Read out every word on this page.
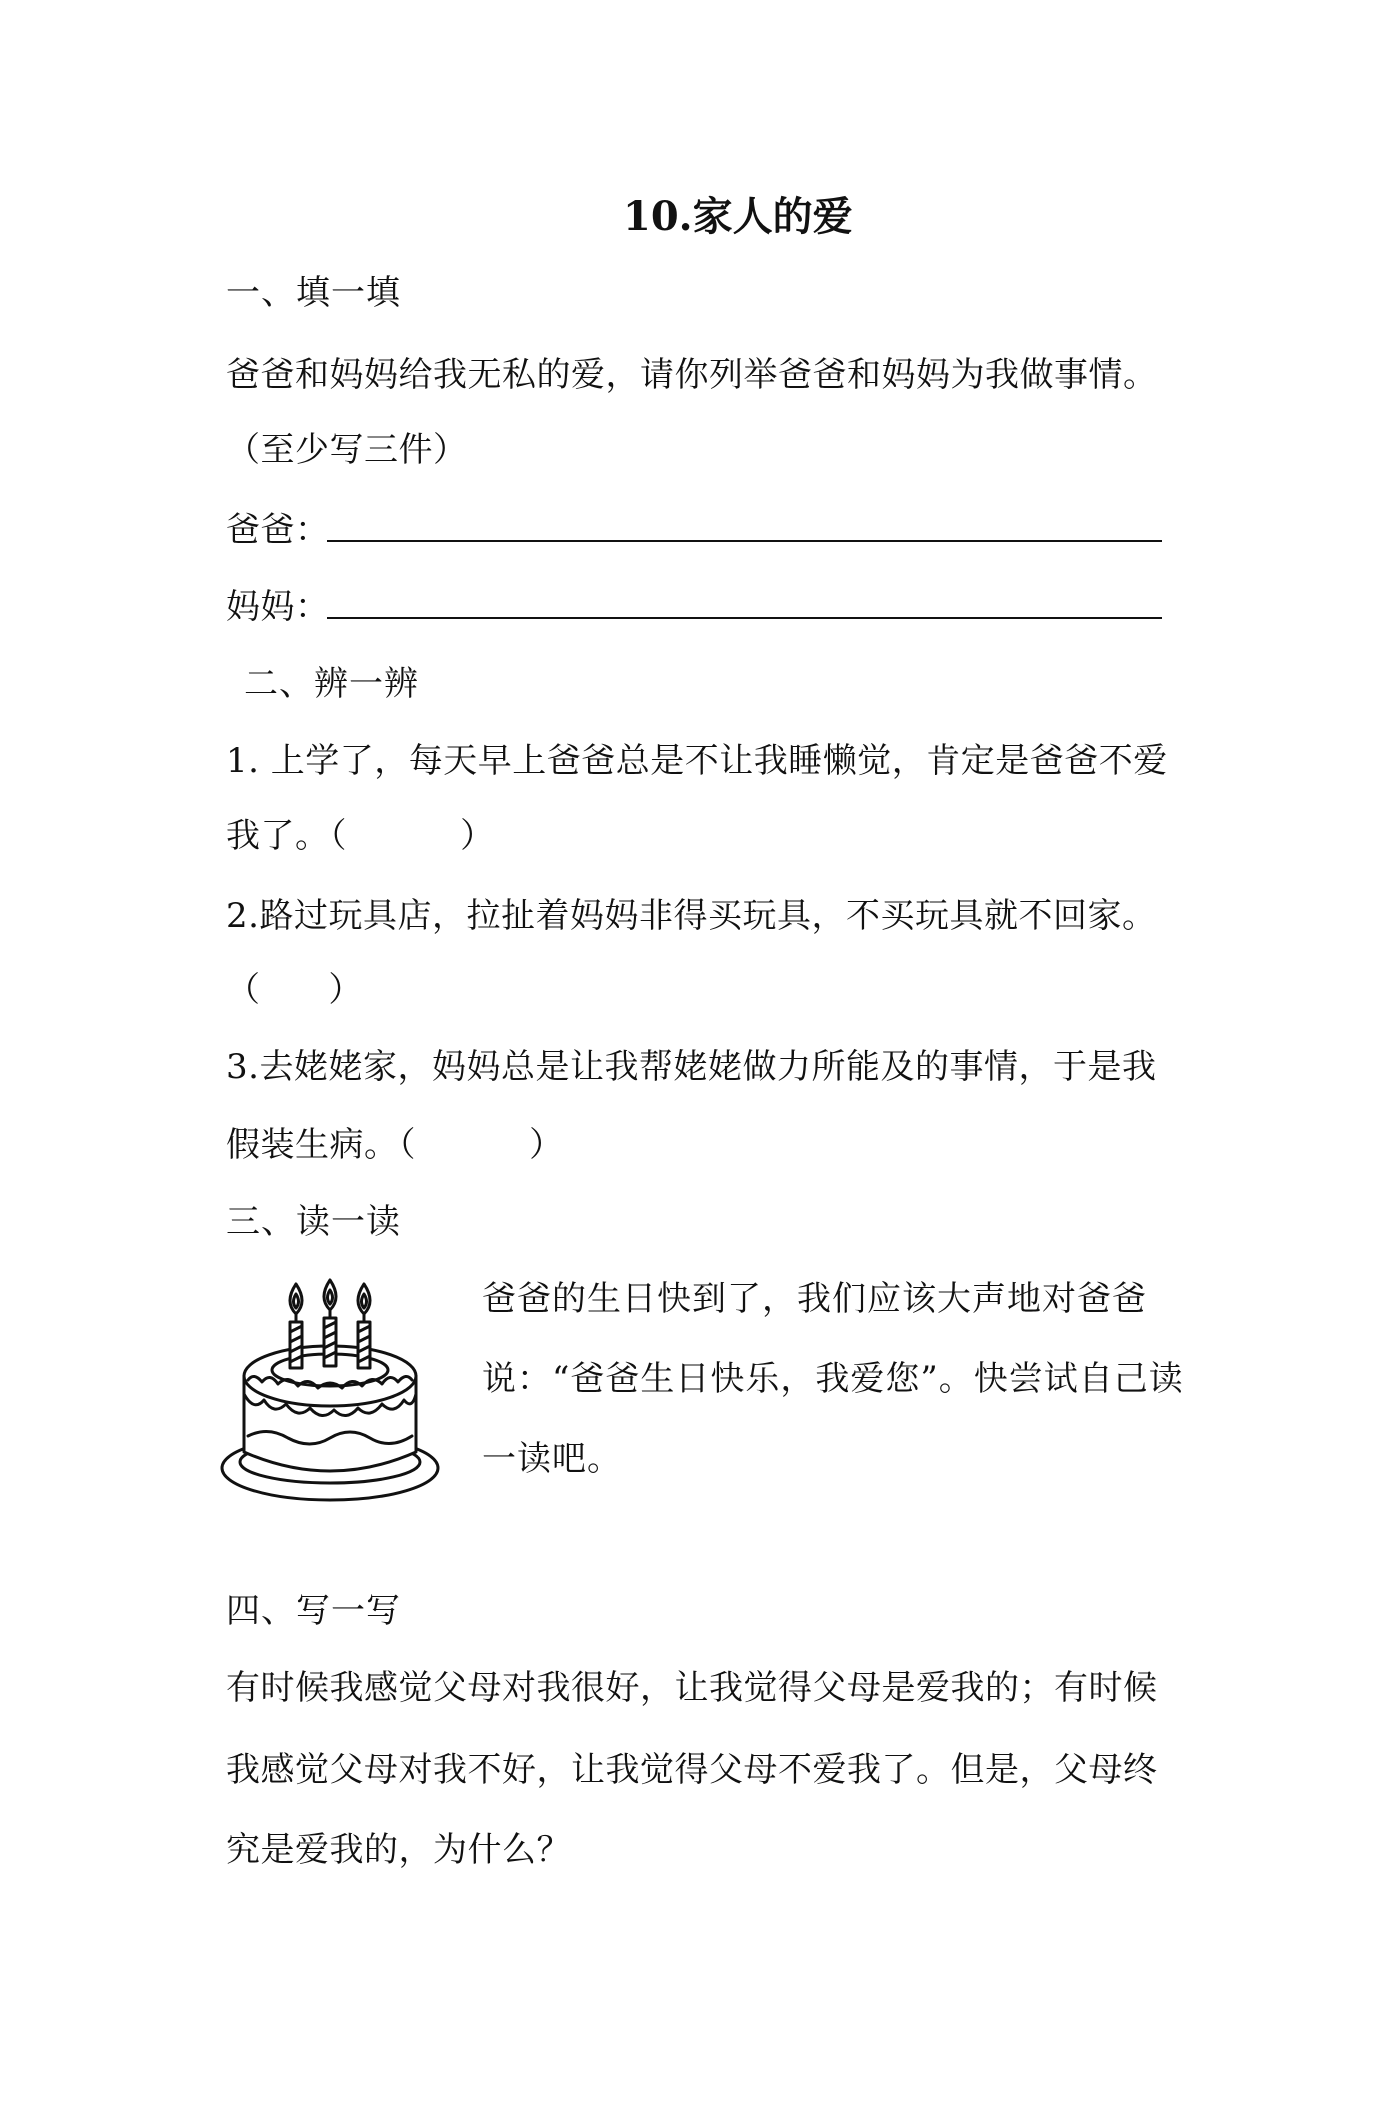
10.家人的爱
一、填一填
爸爸和妈妈给我无私的爱，请你列举爸爸和妈妈为我做事情。
（至少写三件）
爸爸：
妈妈：
二、辨一辨
1. 上学了，每天早上爸爸总是不让我睡懒觉，肯定是爸爸不爱
我了。（          ）
2.路过玩具店，拉扯着妈妈非得买玩具，不买玩具就不回家。
（      ）
3.去姥姥家，妈妈总是让我帮姥姥做力所能及的事情，于是我
假装生病。（          ）
三、读一读
爸爸的生日快到了，我们应该大声地对爸爸
说：“爸爸生日快乐，我爱您”。快尝试自己读
一读吧。
四、写一写
有时候我感觉父母对我很好，让我觉得父母是爱我的；有时候
我感觉父母对我不好，让我觉得父母不爱我了。但是，父母终
究是爱我的，为什么？
